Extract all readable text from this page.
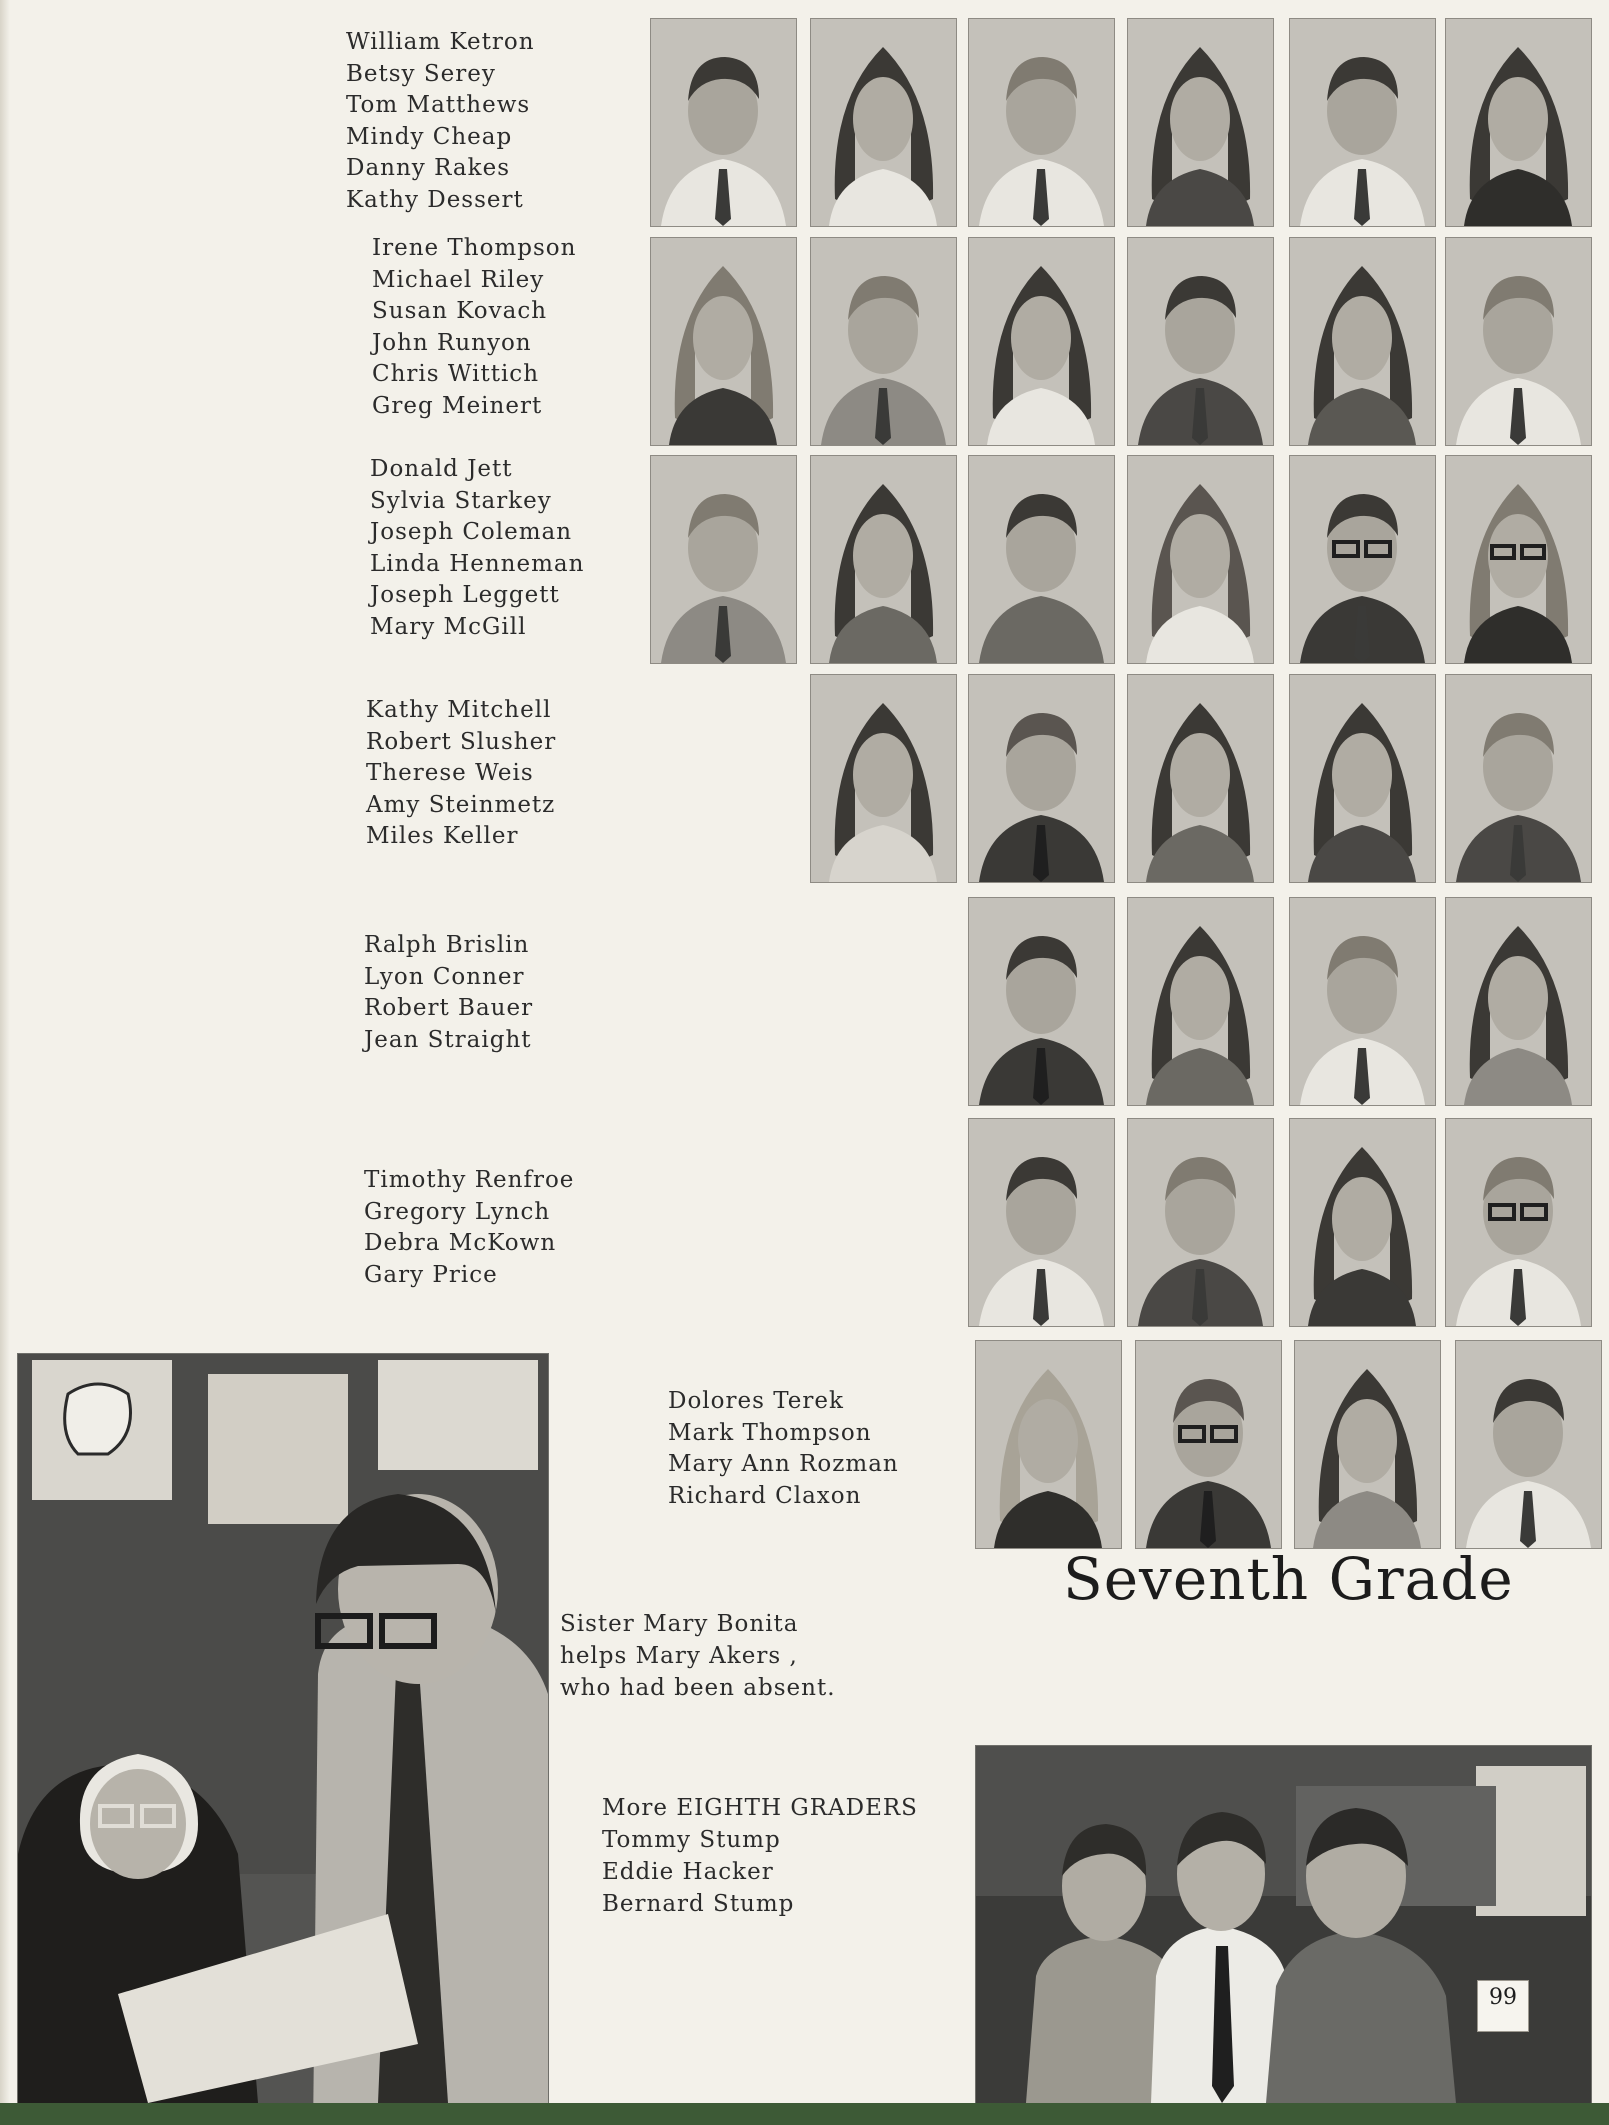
William Ketron
Betsy Serey
Tom Matthews
Mindy Cheap
Danny Rakes
Kathy Dessert
Irene Thompson
Michael Riley
Susan Kovach
John Runyon
Chris Wittich
Greg Meinert
Donald Jett
Sylvia Starkey
Joseph Coleman
Linda Henneman
Joseph Leggett
Mary McGill
Kathy Mitchell
Robert Slusher
Therese Weis
Amy Steinmetz
Miles Keller
Ralph Brislin
Lyon Conner
Robert Bauer
Jean Straight
Timothy Renfroe
Gregory Lynch
Debra McKown
Gary Price
Dolores Terek
Mark Thompson
Mary Ann Rozman
Richard Claxon
Seventh Grade
Sister Mary Bonita
helps Mary Akers ,
who had been absent.
More EIGHTH GRADERS
Tommy Stump
Eddie Hacker
Bernard Stump
99
